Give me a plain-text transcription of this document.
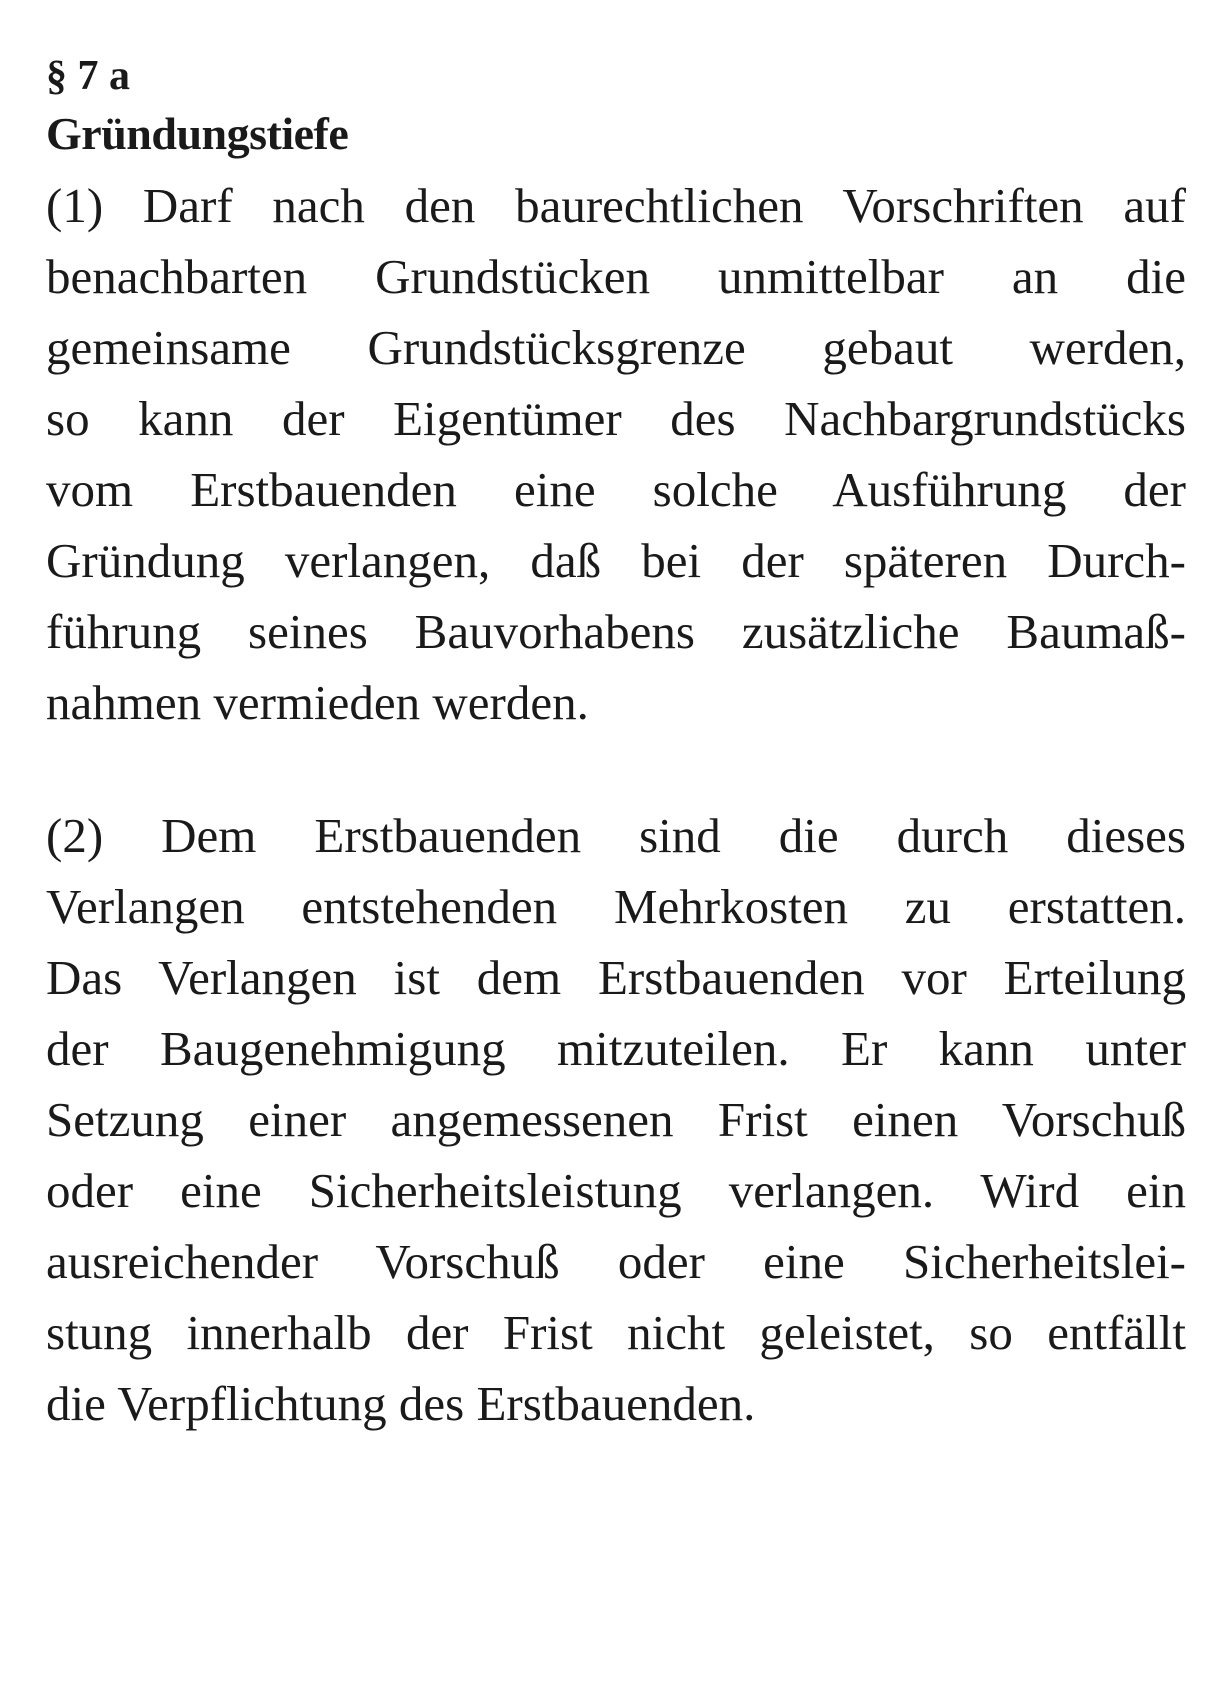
§ 7 a
Gründungstiefe

(1) Darf nach den baurechtlichen Vorschriften auf
benachbarten Grundstücken unmittelbar an die
gemeinsame Grundstücksgrenze gebaut werden,
so kann der Eigentümer des Nachbargrundstücks
vom Erstbauenden eine solche Ausführung der
Gründung verlangen, daß bei der späteren Durch-
führung seines Bauvorhabens zusätzliche Baumaß-
nahmen vermieden werden.

(2) Dem Erstbauenden sind die durch dieses
Verlangen entstehenden Mehrkosten zu erstatten.
Das Verlangen ist dem Erstbauenden vor Erteilung
der Baugenehmigung mitzuteilen. Er kann unter
Setzung einer angemessenen Frist einen Vorschuß
oder eine Sicherheitsleistung verlangen. Wird ein
ausreichender Vorschuß oder eine Sicherheitslei-
stung innerhalb der Frist nicht geleistet, so entfällt
die Verpflichtung des Erstbauenden.
